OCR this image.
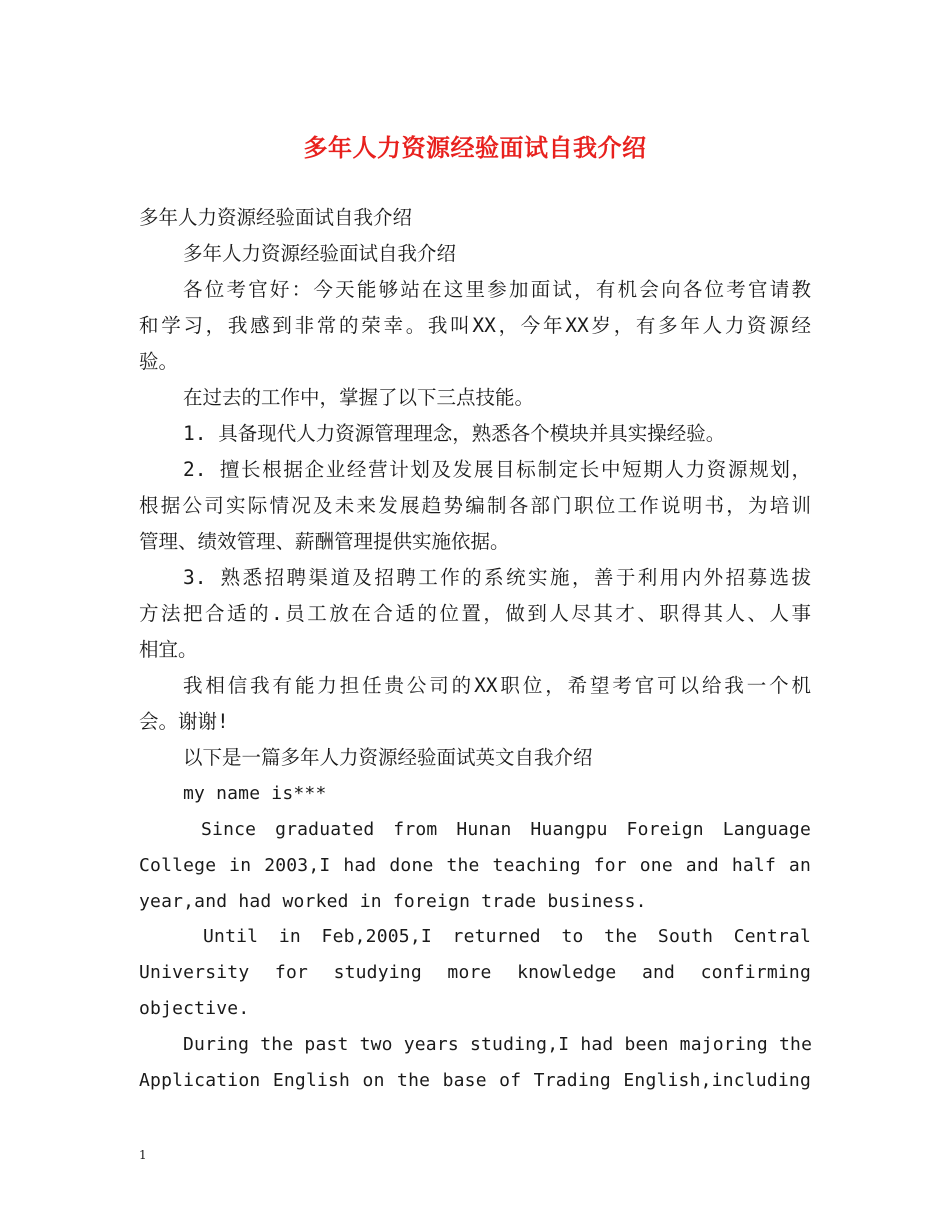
多年人力资源经验面试自我介绍
多年人力资源经验面试自我介绍
多年人力资源经验面试自我介绍
各位考官好：今天能够站在这里参加面试，有机会向各位考官请教
和学习，我感到非常的荣幸。我叫XX，今年XX岁，有多年人力资源经
验。
在过去的工作中，掌握了以下三点技能。
1. 具备现代人力资源管理理念，熟悉各个模块并具实操经验。
2. 擅长根据企业经营计划及发展目标制定长中短期人力资源规划，
根据公司实际情况及未来发展趋势编制各部门职位工作说明书，为培训
管理、绩效管理、薪酬管理提供实施依据。
3. 熟悉招聘渠道及招聘工作的系统实施，善于利用内外招募选拔
方法把合适的.员工放在合适的位置，做到人尽其才、职得其人、人事
相宜。
我相信我有能力担任贵公司的XX职位，希望考官可以给我一个机
会。谢谢!
以下是一篇多年人力资源经验面试英文自我介绍
my name is***
Since graduated from Hunan Huangpu Foreign Language
College in 2003,I had done the teaching for one and half an
year,and had worked in foreign trade business.
Until in Feb,2005,I returned to the South Central
University for studying more knowledge and confirming
objective.
During the past two years studing,I had been majoring the
Application English on the base of Trading English,including
1
